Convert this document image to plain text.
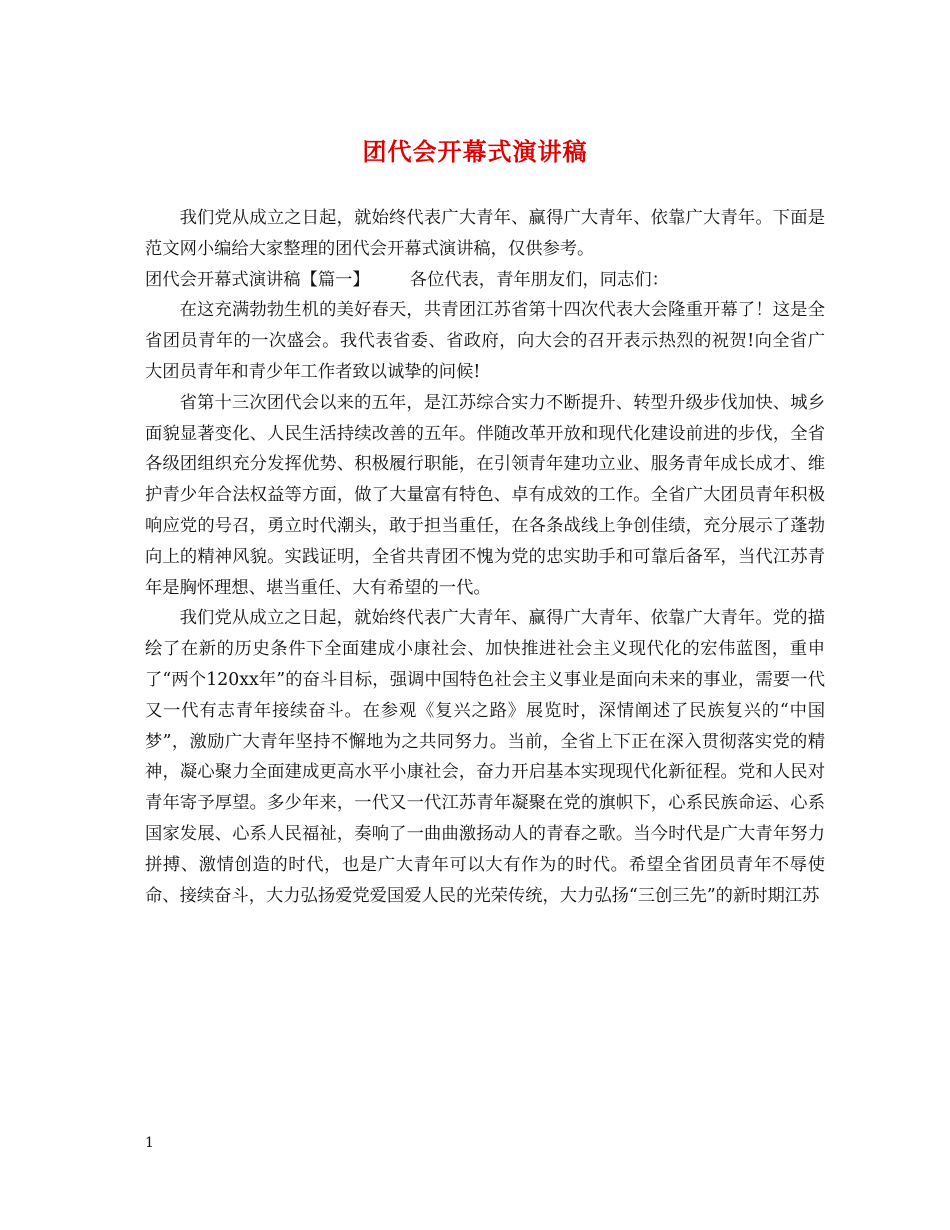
团代会开幕式演讲稿

我们党从成立之日起，就始终代表广大青年、赢得广大青年、依靠广大青年。下面是范文网小编给大家整理的团代会开幕式演讲稿，仅供参考。

团代会开幕式演讲稿【篇一】 各位代表，青年朋友们，同志们：

在这充满勃勃生机的美好春天，共青团江苏省第十四次代表大会隆重开幕了！这是全省团员青年的一次盛会。我代表省委、省政府，向大会的召开表示热烈的祝贺!向全省广大团员青年和青少年工作者致以诚挚的问候!

省第十三次团代会以来的五年，是江苏综合实力不断提升、转型升级步伐加快、城乡面貌显著变化、人民生活持续改善的五年。伴随改革开放和现代化建设前进的步伐，全省各级团组织充分发挥优势、积极履行职能，在引领青年建功立业、服务青年成长成才、维护青少年合法权益等方面，做了大量富有特色、卓有成效的工作。全省广大团员青年积极响应党的号召，勇立时代潮头，敢于担当重任，在各条战线上争创佳绩，充分展示了蓬勃向上的精神风貌。实践证明，全省共青团不愧为党的忠实助手和可靠后备军，当代江苏青年是胸怀理想、堪当重任、大有希望的一代。

我们党从成立之日起，就始终代表广大青年、赢得广大青年、依靠广大青年。党的描绘了在新的历史条件下全面建成小康社会、加快推进社会主义现代化的宏伟蓝图，重申了“两个120xx年”的奋斗目标，强调中国特色社会主义事业是面向未来的事业，需要一代又一代有志青年接续奋斗。在参观《复兴之路》展览时，深情阐述了民族复兴的“中国梦”，激励广大青年坚持不懈地为之共同努力。当前，全省上下正在深入贯彻落实党的精神，凝心聚力全面建成更高水平小康社会，奋力开启基本实现现代化新征程。党和人民对青年寄予厚望。多少年来，一代又一代江苏青年凝聚在党的旗帜下，心系民族命运、心系国家发展、心系人民福祉，奏响了一曲曲激扬动人的青春之歌。当今时代是广大青年努力拼搏、激情创造的时代，也是广大青年可以大有作为的时代。希望全省团员青年不辱使命、接续奋斗，大力弘扬爱党爱国爱人民的光荣传统，大力弘扬“三创三先”的新时期江苏

1
